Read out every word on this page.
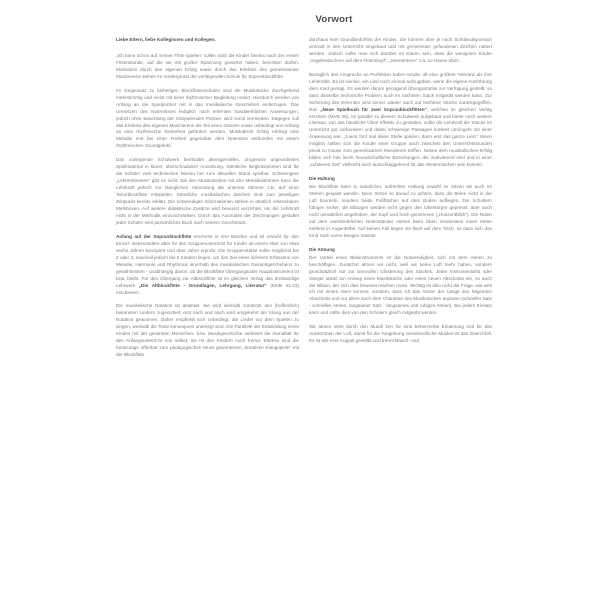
Vorwort

Liebe Eltern, liebe Kolleginnen und Kollegen,

„Ich kann schon auf meiner Flöte spielen“ sollen stolz die Kinder bereits nach der ersten Flötenstunde, auf die sie mit großer Spannung gewartet haben, berichten dürfen. Motivation durch den eigenen Erfolg sowie durch das Erlebnis des gemeinsamen Musizierens stehen im Vordergrund der vorliegenden Schule für Sopranblockflöte.

Im Gegensatz zu bisherigen Blockflötenschulen sind die Musikstücke durchgehend mehrstimmig und meist mit einer rhythmischer Begleitung notiert. Hierdurch werden von Anfang an die Spielpartner mit in das musikalische Geschehen einbezogen. Das Umsetzen des Notentextes lediglich nach erlernten handwerklichen Anweisungen, jedoch ohne Beachtung der mitspielenden Partner, wird somit vermieden. Dagegen soll das Erlebnis des eigenen Musizierens als Teil eines Ganzen sowie unbedingt von Anfang an eine rhythmische Sicherheit gefördert werden. Musikalisch richtig erklingt eine Melodie erst bei einer Freiheit gegenüber dem Notentext verbunden mit einem rhythmischen Grundgefühl.

Das vorliegende Schulwerk beinhaltet altersgemälles, progressiv angeordnetes Spielmaterial in klarer, überschaubarer Anordnung. Sämtliche Begleitstimmen sind für die Schüler vom technischen Niveau her zum aktuellen Stand spielbar. Schwierigere „Lehrerstimmen“ gibt es nicht. Bei den Musikstücken mit drei Melodiestimmen kann die Lehrkraft jedoch zur klanglichen Abrundung die unterste Stimme z.B. auf einer Tenorblockflöte mitspielen. Sämtliche musikalischen Zeichen sind zum jeweiligen Zeitpunkt bereits erklärt. Die notwendigen Informationen stehen in deutlich erkennbaren Merkboxen. Auf weitere didaktische Zusätze wird bewusst verzichtet, um die Lehrkraft nicht in der Methodik einzuschränken. Durch das Ausmalen der Zeichnungen gestaltet jeder Schüler sein persönliches Buch nach seinem Geschmack.

Anfang auf der Sopranblockflöte erscheint in drei Bänden und ist sowohl für den Einzel- insbesondere aber für den Gruppenunterricht für Kinder ab einem Alter von etwa sechs Jahren konzipiert und über Jahre erprobt. Die Gruppenstärke sollte möglichst bei 2 oder 3, maximal jedoch bei 5 Kindern liegen, um das Ziel eines sicheren Erfassens von Melodie, Harmonie und Rhythmus innerhalb des musikalischen Gesamtgeschehens zu gewährleisten - unabhängig davon, ob die Blockflöte Übergangsoder Hauptinstrument ist bzw. bleibt. Für den Übergang zur Altblockflöte ist im gleichen Verlag das dreibändige Lehrwerk „Die Altblockflöte - Grundlagen, Lehrgang, Literatur“ (MVB 41-43) erschienen.

Die musikalische Notation ist abstrakt. Sie wird deshalb zunächst den (hoffentlich) bekannten Liedern zugeordnet; erst nach und nach wird umgekehrt der Klang aus der Notation gewonnen. Daher empfiehlt sich unbedingt, die Lieder vor dem Spielen zu singen, weshalb die Texte konsequent unterlegt sind. Die Parallele der Entwicklung eines Kindes mit der gesamten Menschen- bzw. Musikgeschichte verbietet die Atonalität für den Anfangsunterricht von selbst; sie ist den Kindern noch fremd. Ebenso sind die heutzutage offenbar zum pädagogischen Muss gewordenen „kreativen Klangspiele“ mit der Blockflöte

durchaus kein Grundbedürfnis der Kinder. Sie können aber je nach Schülerdisposition sinnvoll in den Unterricht eingebaut und mit gemeinsam gefundenen Zeichen notiert werden. Jedoch sollte man sich darüber im Klaren sein, dass die wenigsten Kinder „Vogelzwitschern auf dem Flötenkopf“, „Sirenentöne“ o.ä. zu Hause üben.

Bezüglich des Anspruchs an Perfektion haben Kinder oft eine größere Toleranz als ihre Lehrkräfte. Es ist sinnlos, ein Lied noch einmal aufzugeben, wenn die eigene Ausführung dem Kind genügt. Es werden darum genügend Übungsstücke zur Verfügung gestellt, so dass dasselbe technische Problem auch im nächsten Stück mitgeübt werden kann. Zur Sicherung des Erlernten wird immer wieder auch auf leichtere Stücke zurückgegriffen. Das „Neue Spielbuch für zwei Sopranblockflöten“, welches im gleichen Verlag erschien (MVB 36), ist parallel zu diesem Schulwerk aufgebaut und bietet noch weitere Literatur. Um das häusliche Üben effektiv zu gestalten, sollte die Lehrkraft die Stücke im Unterricht gut vorbereiten und dabei schwierige Passagen konkret umringeln mit einer Anweisung wie: „zuerst fünf mal diese Stelle spielen, dann erst das ganze Lied.“ Wenn möglich sollten sich die Kinder einer Gruppe auch zwischen den Unterrichtsstunden privat zu Hause zum gemeinsamen Musizieren treffen. Neben dem musikalischen Erfolg bilden sich hier leicht freundschaftliche Beziehungen, die motivierend sind und in einer „schweren Zeit“ vielleicht auch ausschlaggebend für das Weitermachen sein können.

Die Haltung

Die Blockflöte kann in natürlicher, aufrechter Haltung sowohl im Sitzen als auch im Stehen gespielt werden. Beim Sitzen ist darauf zu achten, dass die Beine nicht in der Luft baumeln, sondern beide Fußflächen auf dem Boden aufliegen. Die Schultern hängen locker, die Ellbogen werden nicht gegen den Oberkörper gepresst, aber auch nicht unnatürlich angehoben, der Kopf wird hoch genommen („Horizontblick“). Die Noten auf dem unentbehrlichen Notenständer stehen beim Üben mindestens einen Meter entfernt in Augenhöhe. Auf keinen Fall liegen sie flach auf dem Tisch, so dass sich das Kind nach vorne beugen müsste.

Die Atmung

Der Vorteil eines Blasinstruments ist die Notwendigkeit, sich mit dem Atmen zu beschäftigen. Zunächst atmen wir nicht, weil wir keine Luft mehr haben, sondern grundsätzlich nur zur sinnvollen Gliederung des Stückes. Jeder Instrumentalist oder Sänger atmet am Anfang eines Musikstücks oder eines neuen Abschnitts ein, so auch der Bläser, der sich dies bewusst machen muss. Wichtig ist also nicht die Frage, wie weit ich mit einem Atem komme, sondern, dass ich das Atmen der Länge des folgenden Abschnitts und vor allem auch dem Charakter des Musikstückes anpasse (schneller Satz - schnelles Atmen, langsamer Satz - langsames und ruhiges Atmen). Bei jedem Einsatz kann und sollte dies von den Schülern gleich mitgeübt werden.

Wir atmen stets durch den Mund! Der für eine beherrschte Einatmung und für das Ausströmen der Luft, damit für die Tongebung verantwortliche Muskel ist das Zwerchfell. Es ist wie eine Kuppel gewölbt und trennt Bauch- und
